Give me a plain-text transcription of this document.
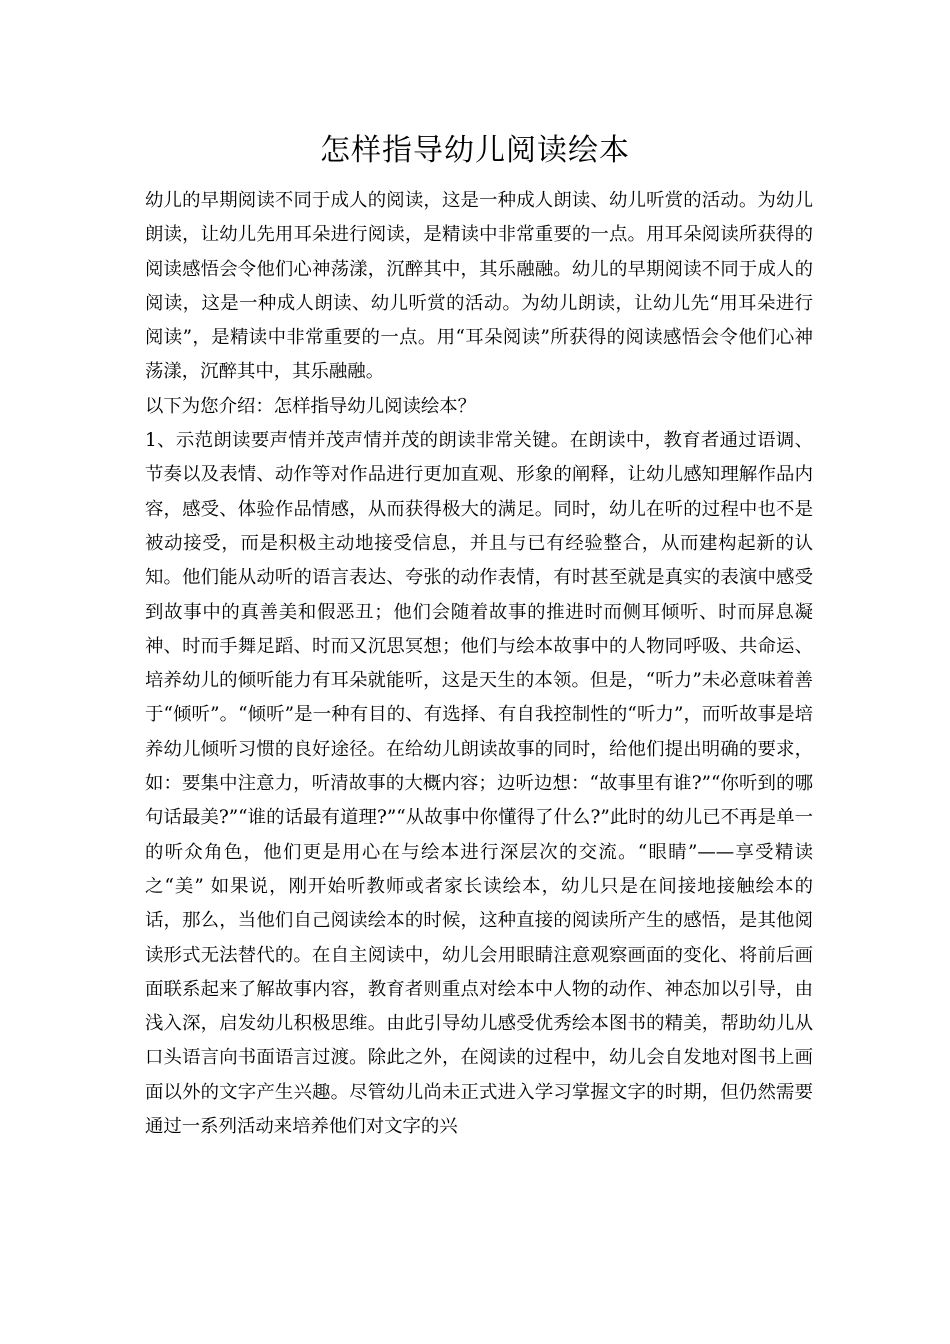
怎样指导幼儿阅读绘本

幼儿的早期阅读不同于成人的阅读，这是一种成人朗读、幼儿听赏的活动。为幼儿朗读，让幼儿先用耳朵进行阅读，是精读中非常重要的一点。用耳朵阅读所获得的阅读感悟会令他们心神荡漾，沉醉其中，其乐融融。幼儿的早期阅读不同于成人的阅读，这是一种成人朗读、幼儿听赏的活动。为幼儿朗读，让幼儿先“用耳朵进行阅读”，是精读中非常重要的一点。用“耳朵阅读”所获得的阅读感悟会令他们心神荡漾，沉醉其中，其乐融融。

以下为您介绍：怎样指导幼儿阅读绘本？

1、示范朗读要声情并茂声情并茂的朗读非常关键。在朗读中，教育者通过语调、节奏以及表情、动作等对作品进行更加直观、形象的阐释，让幼儿感知理解作品内容，感受、体验作品情感，从而获得极大的满足。同时，幼儿在听的过程中也不是被动接受，而是积极主动地接受信息，并且与已有经验整合，从而建构起新的认知。他们能从动听的语言表达、夸张的动作表情，有时甚至就是真实的表演中感受到故事中的真善美和假恶丑；他们会随着故事的推进时而侧耳倾听、时而屏息凝神、时而手舞足蹈、时而又沉思冥想；他们与绘本故事中的人物同呼吸、共命运、培养幼儿的倾听能力有耳朵就能听，这是天生的本领。但是，“听力”未必意味着善于“倾听”。“倾听”是一种有目的、有选择、有自我控制性的“听力”，而听故事是培养幼儿倾听习惯的良好途径。在给幼儿朗读故事的同时，给他们提出明确的要求，如：要集中注意力，听清故事的大概内容；边听边想：“故事里有谁?”“你听到的哪句话最美?”“谁的话最有道理?”“从故事中你懂得了什么?”此时的幼儿已不再是单一的听众角色，他们更是用心在与绘本进行深层次的交流。“眼睛”——享受精读之“美” 如果说，刚开始听教师或者家长读绘本，幼儿只是在间接地接触绘本的话，那么，当他们自己阅读绘本的时候，这种直接的阅读所产生的感悟，是其他阅读形式无法替代的。在自主阅读中，幼儿会用眼睛注意观察画面的变化、将前后画面联系起来了解故事内容，教育者则重点对绘本中人物的动作、神态加以引导，由浅入深，启发幼儿积极思维。由此引导幼儿感受优秀绘本图书的精美，帮助幼儿从口头语言向书面语言过渡。除此之外，在阅读的过程中，幼儿会自发地对图书上画面以外的文字产生兴趣。尽管幼儿尚未正式进入学习掌握文字的时期，但仍然需要通过一系列活动来培养他们对文字的兴
